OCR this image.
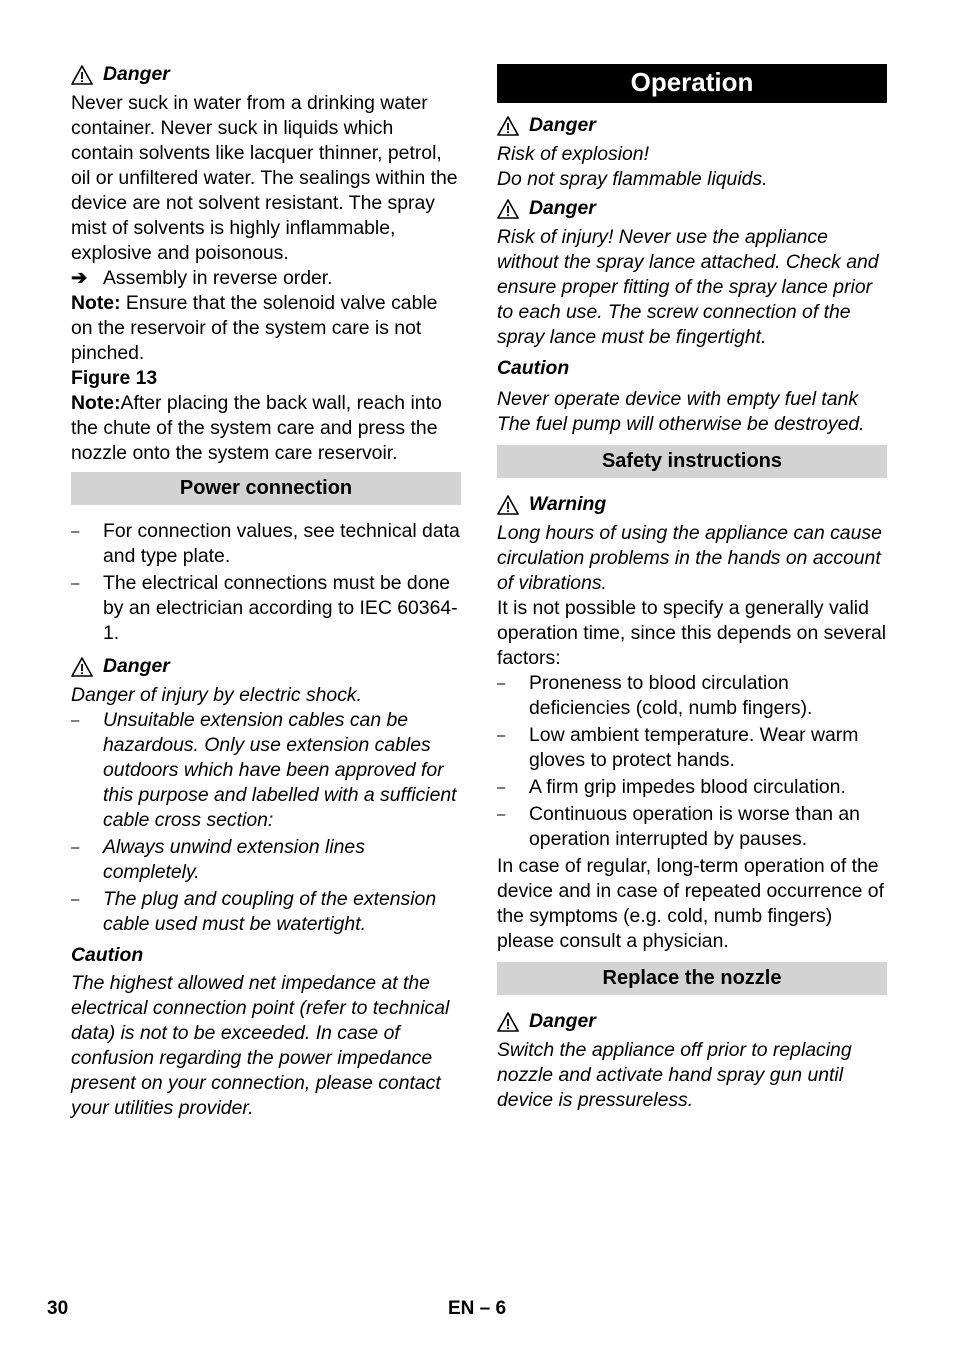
Danger

Never suck in water from a drinking water container. Never suck in liquids which contain solvents like lacquer thinner, petrol, oil or unfiltered water. The sealings within the device are not solvent resistant. The spray mist of solvents is highly inflammable, explosive and poisonous.

➔ Assembly in reverse order.

Note: Ensure that the solenoid valve cable on the reservoir of the system care is not pinched.

Figure 13

Note:After placing the back wall, reach into the chute of the system care and press the nozzle onto the system care reservoir.

Power connection
– For connection values, see technical data and type plate.
– The electrical connections must be done by an electrician according to IEC 60364-1.
Danger

Danger of injury by electric shock.

– Unsuitable extension cables can be hazardous. Only use extension cables outdoors which have been approved for this purpose and labelled with a sufficient cable cross section:
– Always unwind extension lines completely.
– The plug and coupling of the extension cable used must be watertight.

Caution

The highest allowed net impedance at the electrical connection point (refer to technical data) is not to be exceeded. In case of confusion regarding the power impedance present on your connection, please contact your utilities provider.

Operation
Danger

Risk of explosion!

Do not spray flammable liquids.

Danger

Risk of injury! Never use the appliance without the spray lance attached. Check and ensure proper fitting of the spray lance prior to each use. The screw connection of the spray lance must be fingertight.

Caution

Never operate device with empty fuel tank

The fuel pump will otherwise be destroyed.

Safety instructions
Warning

Long hours of using the appliance can cause circulation problems in the hands on account of vibrations.

It is not possible to specify a generally valid operation time, since this depends on several factors:

– Proneness to blood circulation deficiencies (cold, numb fingers).
– Low ambient temperature. Wear warm gloves to protect hands.
– A firm grip impedes blood circulation.
– Continuous operation is worse than an operation interrupted by pauses.

In case of regular, long-term operation of the device and in case of repeated occurrence of the symptoms (e.g. cold, numb fingers) please consult a physician.

Replace the nozzle
Danger

Switch the appliance off prior to replacing nozzle and activate hand spray gun until device is pressureless.

30	EN – 6
